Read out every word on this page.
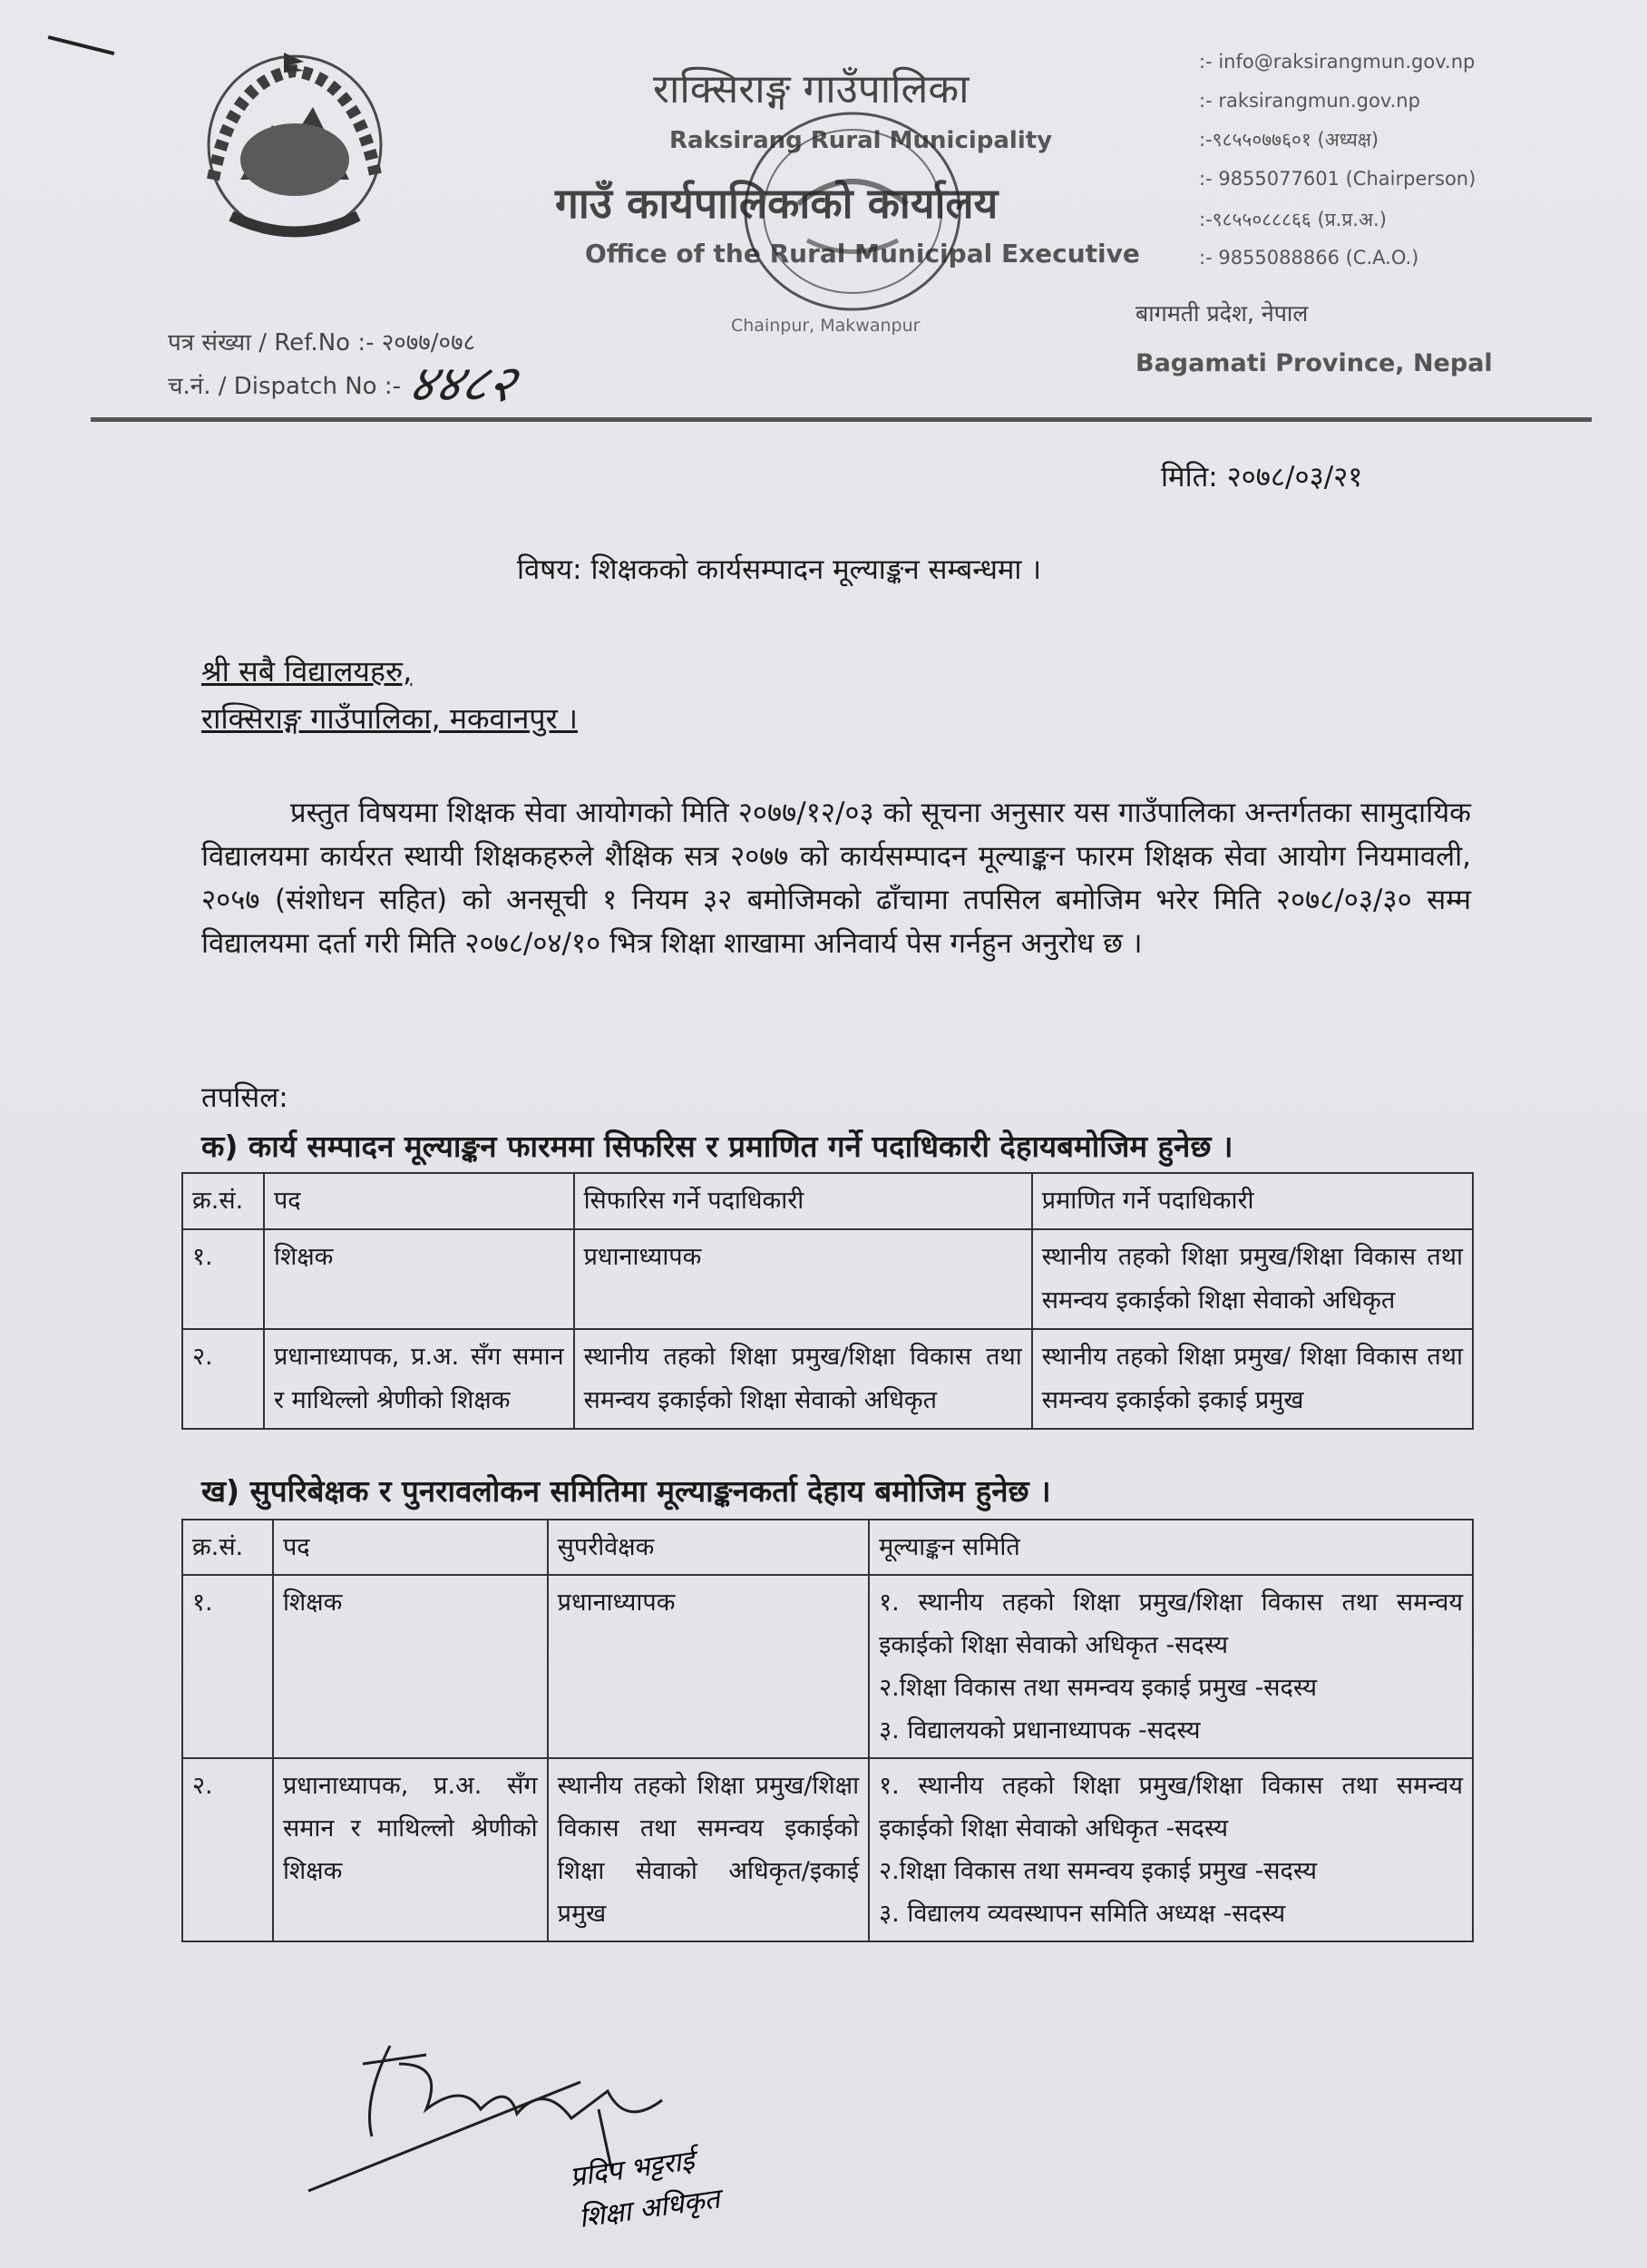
राक्सिराङ्ग गाउँपालिका
Raksirang Rural Municipality
गाउँ कार्यपालिकाको कार्यालय
Office of the Rural Municipal Executive
Chainpur, Makwanpur
:- info@raksirangmun.gov.np
:- raksirangmun.gov.np
:-९८५५०७७६०१ (अध्यक्ष)
:- 9855077601 (Chairperson)
:-९८५५०८८८६६ (प्र.प्र.अ.)
:- 9855088866 (C.A.O.)
बागमती प्रदेश, नेपाल
Bagamati Province, Nepal
पत्र संख्या / Ref.No :- २०७७/०७८
च.नं. / Dispatch No :- ४४८२
मिति: २०७८/०३/२१
विषय: शिक्षकको कार्यसम्पादन मूल्याङ्कन सम्बन्धमा ।
श्री सबै विद्यालयहरु,
राक्सिराङ्ग गाउँपालिका, मकवानपुर ।
प्रस्तुत विषयमा शिक्षक सेवा आयोगको मिति २०७७/१२/०३ को सूचना अनुसार यस गाउँपालिका अन्तर्गतका सामुदायिक विद्यालयमा कार्यरत स्थायी शिक्षकहरुले शैक्षिक सत्र २०७७ को कार्यसम्पादन मूल्याङ्कन फारम शिक्षक सेवा आयोग नियमावली, २०५७ (संशोधन सहित) को अनसूची १ नियम ३२ बमोजिमको ढाँचामा तपसिल बमोजिम भरेर मिति २०७८/०३/३० सम्म विद्यालयमा दर्ता गरी मिति २०७८/०४/१० भित्र शिक्षा शाखामा अनिवार्य पेस गर्नहुन अनुरोध छ ।
तपसिल:
क) कार्य सम्पादन मूल्याङ्कन फारममा सिफरिस र प्रमाणित गर्ने पदाधिकारी देहायबमोजिम हुनेछ ।
क्र.सं.	पद	सिफारिस गर्ने पदाधिकारी	प्रमाणित गर्ने पदाधिकारी
१.	शिक्षक	प्रधानाध्यापक	स्थानीय तहको शिक्षा प्रमुख/शिक्षा विकास तथा समन्वय इकाईको शिक्षा सेवाको अधिकृत
२.	प्रधानाध्यापक, प्र.अ. सँग समान र माथिल्लो श्रेणीको शिक्षक	स्थानीय तहको शिक्षा प्रमुख/शिक्षा विकास तथा समन्वय इकाईको शिक्षा सेवाको अधिकृत	स्थानीय तहको शिक्षा प्रमुख/ शिक्षा विकास तथा समन्वय इकाईको इकाई प्रमुख
ख) सुपरिबेक्षक र पुनरावलोकन समितिमा मूल्याङ्कनकर्ता देहाय बमोजिम हुनेछ ।
क्र.सं.	पद	सुपरीवेक्षक	मूल्याङ्कन समिति
१.	शिक्षक	प्रधानाध्यापक	१. स्थानीय तहको शिक्षा प्रमुख/शिक्षा विकास तथा समन्वय इकाईको शिक्षा सेवाको अधिकृत -सदस्य
२.शिक्षा विकास तथा समन्वय इकाई प्रमुख -सदस्य
३. विद्यालयको प्रधानाध्यापक -सदस्य

२.	प्रधानाध्यापक, प्र.अ. सँग समान र माथिल्लो श्रेणीको शिक्षक	स्थानीय तहको शिक्षा प्रमुख/शिक्षा विकास तथा समन्वय इकाईको शिक्षा सेवाको अधिकृत/इकाई प्रमुख	१. स्थानीय तहको शिक्षा प्रमुख/शिक्षा विकास तथा समन्वय इकाईको शिक्षा सेवाको अधिकृत -सदस्य
२.शिक्षा विकास तथा समन्वय इकाई प्रमुख -सदस्य
३. विद्यालय व्यवस्थापन समिति अध्यक्ष -सदस्य
प्रदिप भट्टराई
शिक्षा अधिकृत
